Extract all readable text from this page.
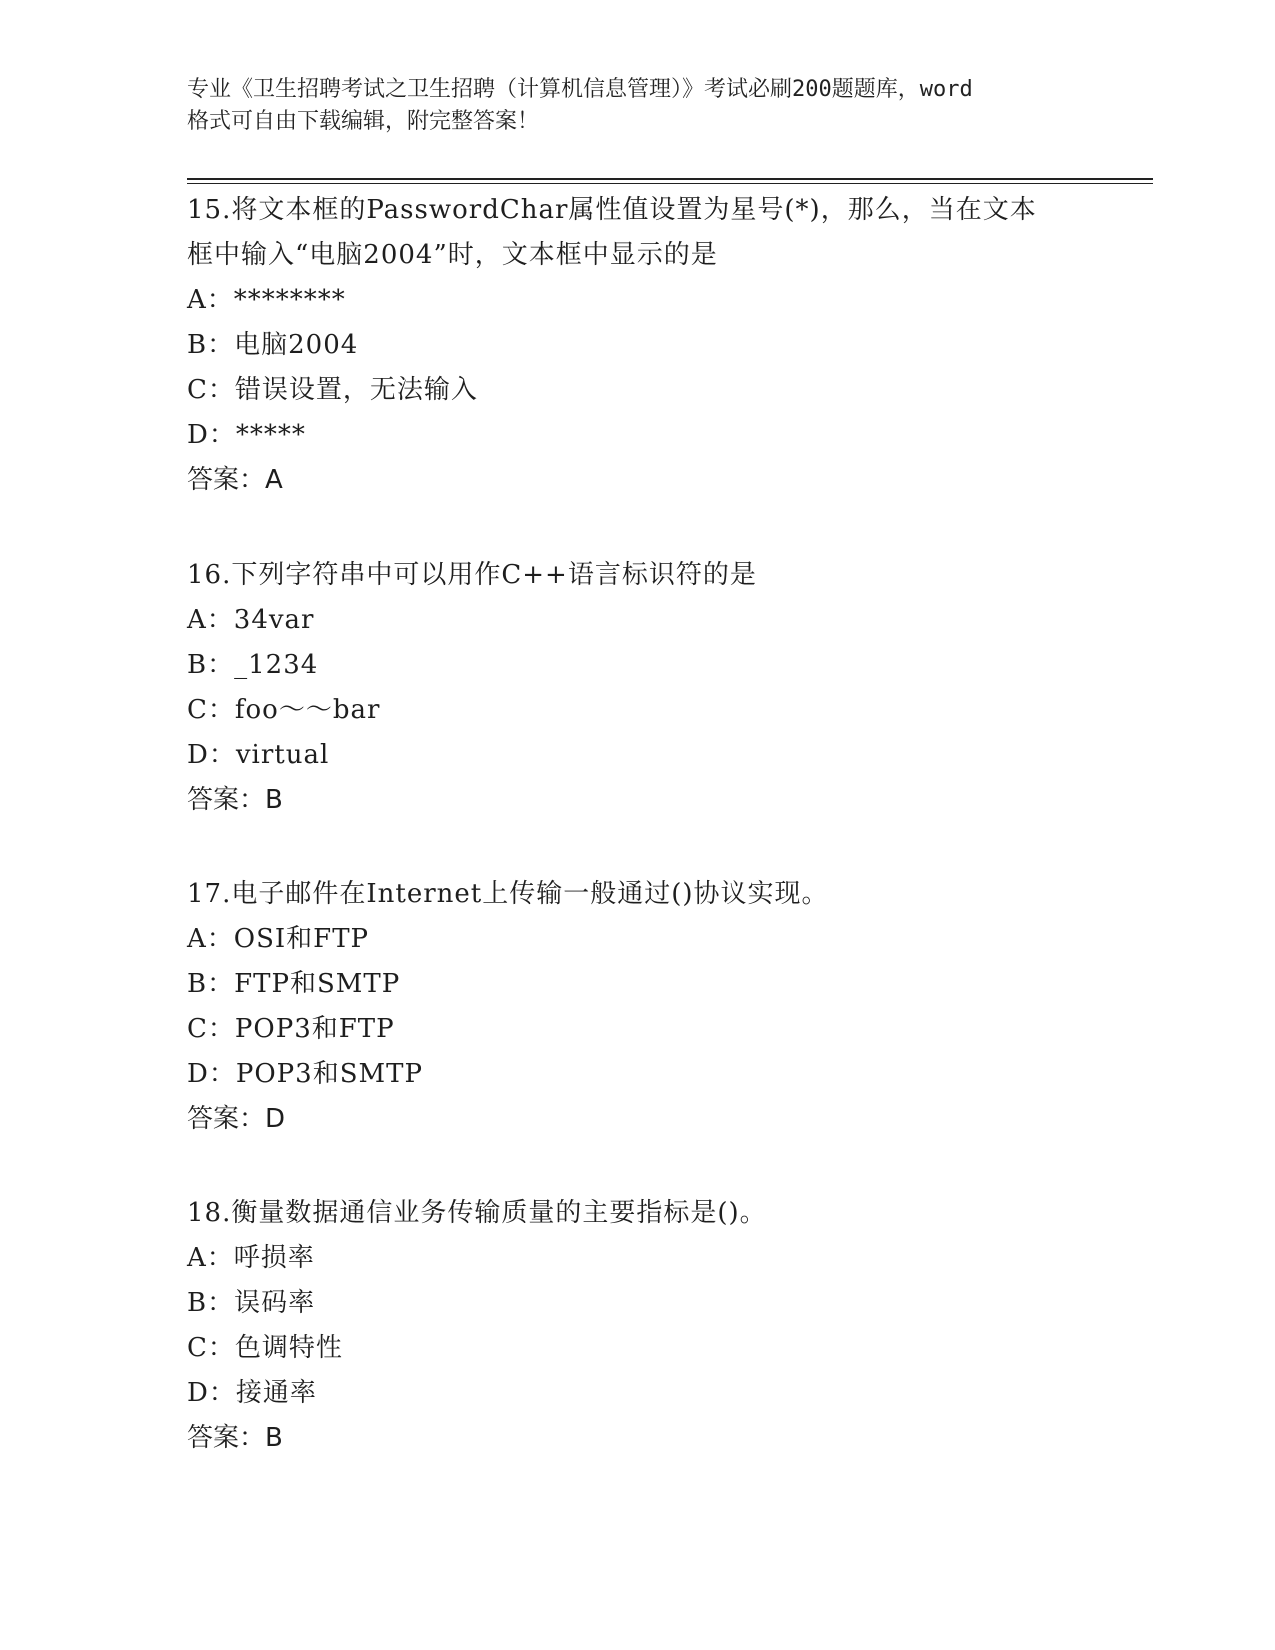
专业《卫生招聘考试之卫生招聘（计算机信息管理）》考试必刷200题题库，word
格式可自由下载编辑，附完整答案！
15.将文本框的PasswordChar属性值设置为星号(*)，那么，当在文本
框中输入“电脑2004”时，文本框中显示的是
A：********
B：电脑2004
C：错误设置，无法输入
D：*****
答案：A
16.下列字符串中可以用作C++语言标识符的是
A：34var
B：_1234
C：foo～～bar
D：virtual
答案：B
17.电子邮件在Internet上传输一般通过()协议实现。
A：OSI和FTP
B：FTP和SMTP
C：POP3和FTP
D：POP3和SMTP
答案：D
18.衡量数据通信业务传输质量的主要指标是()。
A：呼损率
B：误码率
C：色调特性
D：接通率
答案：B
